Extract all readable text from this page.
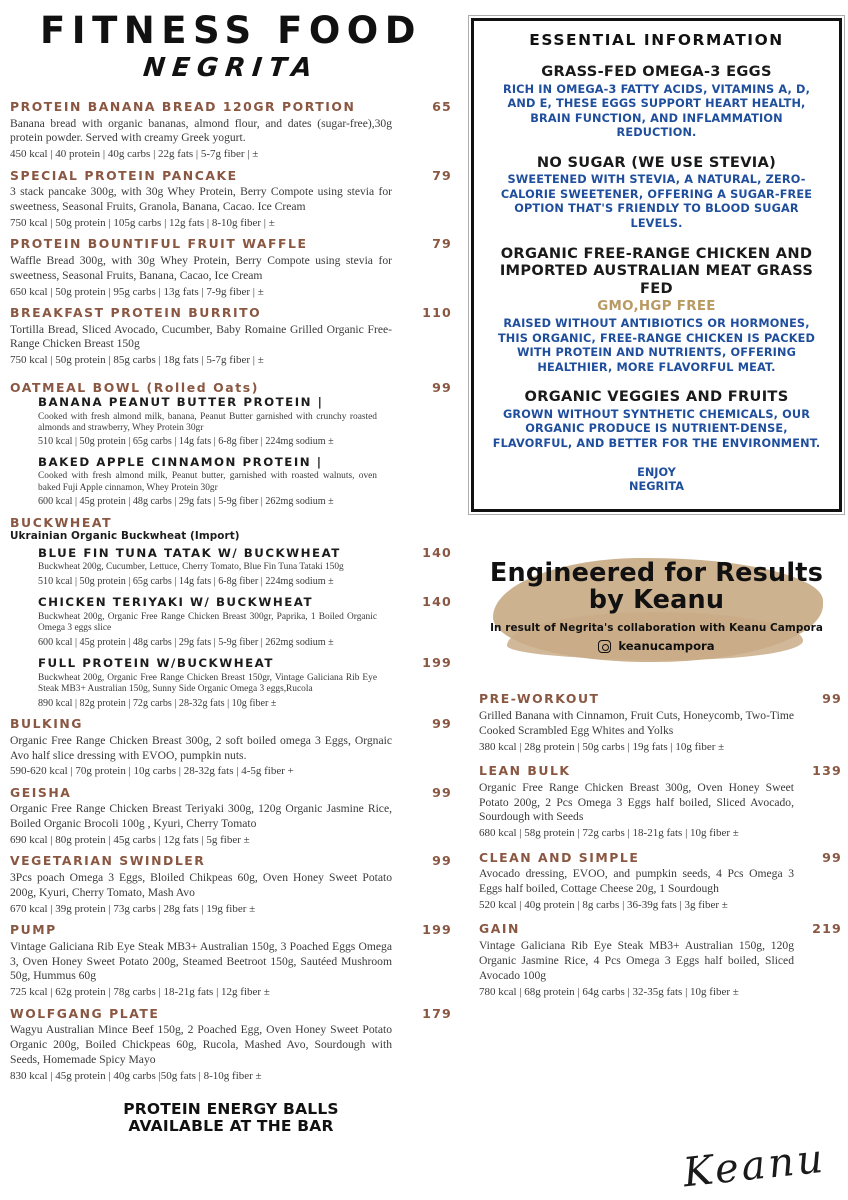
FITNESS FOOD
NEGRITA
PROTEIN BANANA BREAD 120GR PORTION	65
Banana bread with organic bananas, almond flour, and dates (sugar-free),30g protein powder. Served with creamy Greek yogurt.
450 kcal | 40 protein | 40g carbs | 22g fats | 5-7g fiber | ±
SPECIAL PROTEIN PANCAKE	79
3 stack pancake 300g, with 30g Whey Protein, Berry Compote using stevia for sweetness, Seasonal Fruits, Granola, Banana, Cacao. Ice Cream
750 kcal | 50g protein | 105g carbs | 12g fats | 8-10g fiber | ±
PROTEIN BOUNTIFUL FRUIT WAFFLE	79
Waffle Bread 300g, with 30g Whey Protein, Berry Compote using stevia for sweetness, Seasonal Fruits, Banana, Cacao, Ice Cream
650 kcal | 50g protein | 95g carbs | 13g fats | 7-9g fiber | ±
BREAKFAST PROTEIN BURRITO	110
Tortilla Bread, Sliced Avocado, Cucumber, Baby Romaine Grilled Organic Free-Range Chicken Breast 150g
750 kcal | 50g protein | 85g carbs | 18g fats | 5-7g fiber | ±
OATMEAL BOWL (Rolled Oats)	99
BANANA PEANUT BUTTER PROTEIN |
Cooked with fresh almond milk, banana, Peanut Butter garnished with crunchy roasted almonds and strawberry, Whey Protein 30gr
510 kcal | 50g protein | 65g carbs | 14g fats | 6-8g fiber | 224mg sodium ±
BAKED APPLE CINNAMON PROTEIN |
Cooked with fresh almond milk, Peanut butter, garnished with roasted walnuts, oven baked Fuji Apple cinnamon, Whey Protein 30gr
600 kcal | 45g protein | 48g carbs | 29g fats | 5-9g fiber | 262mg sodium ±
BUCKWHEAT
Ukrainian Organic Buckwheat (Import)
BLUE FIN TUNA TATAK W/ BUCKWHEAT	140
Buckwheat 200g, Cucumber, Lettuce, Cherry Tomato, Blue Fin Tuna Tataki 150g
510 kcal | 50g protein | 65g carbs | 14g fats | 6-8g fiber | 224mg sodium ±
CHICKEN TERIYAKI W/ BUCKWHEAT	140
Buckwheat 200g, Organic Free Range Chicken Breast 300gr, Paprika, 1 Boiled Organic Omega 3 eggs slice
600 kcal | 45g protein | 48g carbs | 29g fats | 5-9g fiber | 262mg sodium ±
FULL PROTEIN W/BUCKWHEAT	199
Buckwheat 200g, Organic Free Range Chicken Breast 150gr, Vintage Galiciana Rib Eye Steak MB3+ Australian 150g, Sunny Side Organic Omega 3 eggs,Rucola
890 kcal | 82g protein | 72g carbs | 28-32g fats | 10g fiber ±
BULKING	99
Organic Free Range Chicken Breast 300g, 2 soft boiled omega 3 Eggs, Orgnaic Avo half slice dressing with EVOO, pumpkin nuts.
590-620 kcal | 70g protein | 10g carbs | 28-32g fats | 4-5g fiber +
GEISHA	99
Organic Free Range Chicken Breast Teriyaki 300g, 120g Organic Jasmine Rice, Boiled Organic Brocoli 100g , Kyuri, Cherry Tomato
690 kcal | 80g protein | 45g carbs | 12g fats | 5g fiber ±
VEGETARIAN SWINDLER	99
3Pcs poach Omega 3 Eggs, Bloiled Chikpeas 60g, Oven Honey Sweet Potato 200g, Kyuri, Cherry Tomato, Mash Avo
670 kcal | 39g protein | 73g carbs | 28g fats | 19g fiber ±
PUMP	199
Vintage Galiciana Rib Eye Steak MB3+ Australian 150g, 3 Poached Eggs Omega 3, Oven Honey Sweet Potato 200g, Steamed Beetroot 150g, Sautéed Mushroom 50g, Hummus 60g
725 kcal | 62g protein | 78g carbs | 18-21g fats | 12g fiber ±
WOLFGANG PLATE	179
Wagyu Australian Mince Beef 150g, 2 Poached Egg, Oven Honey Sweet Potato Organic 200g, Boiled Chickpeas 60g, Rucola, Mashed Avo, Sourdough with Seeds, Homemade Spicy Mayo
830 kcal | 45g protein | 40g carbs |50g fats | 8-10g fiber ±
PROTEIN ENERGY BALLS
AVAILABLE AT THE BAR
ESSENTIAL INFORMATION
GRASS-FED OMEGA-3 EGGS
RICH IN OMEGA-3 FATTY ACIDS, VITAMINS A, D, AND E, THESE EGGS SUPPORT HEART HEALTH, BRAIN FUNCTION, AND INFLAMMATION REDUCTION.
NO SUGAR (WE USE STEVIA)
SWEETENED WITH STEVIA, A NATURAL, ZERO-CALORIE SWEETENER, OFFERING A SUGAR-FREE OPTION THAT'S FRIENDLY TO BLOOD SUGAR LEVELS.
ORGANIC FREE-RANGE CHICKEN AND IMPORTED AUSTRALIAN MEAT GRASS FED
GMO,HGP FREE
RAISED WITHOUT ANTIBIOTICS OR HORMONES, THIS ORGANIC, FREE-RANGE CHICKEN IS PACKED WITH PROTEIN AND NUTRIENTS, OFFERING HEALTHIER, MORE FLAVORFUL MEAT.
ORGANIC VEGGIES AND FRUITS
GROWN WITHOUT SYNTHETIC CHEMICALS, OUR ORGANIC PRODUCE IS NUTRIENT-DENSE, FLAVORFUL, AND BETTER FOR THE ENVIRONMENT.
ENJOY
NEGRITA
Engineered for Results
by Keanu
In result of Negrita's collaboration with Keanu Campora
keanucampora
PRE-WORKOUT	99
Grilled Banana with Cinnamon, Fruit Cuts, Honeycomb, Two-Time Cooked Scrambled Egg Whites and Yolks
380 kcal | 28g protein | 50g carbs | 19g fats | 10g fiber ±
LEAN BULK	139
Organic Free Range Chicken Breast 300g, Oven Honey Sweet Potato 200g, 2 Pcs Omega 3 Eggs half boiled, Sliced Avocado, Sourdough with Seeds
680 kcal | 58g protein | 72g carbs | 18-21g fats | 10g fiber ±
CLEAN AND SIMPLE	99
Avocado dressing, EVOO, and pumpkin seeds, 4 Pcs Omega 3 Eggs half boiled, Cottage Cheese 20g, 1 Sourdough
520 kcal | 40g protein | 8g carbs | 36-39g fats | 3g fiber ±
GAIN	219
Vintage Galiciana Rib Eye Steak MB3+ Australian 150g, 120g Organic Jasmine Rice, 4 Pcs Omega 3 Eggs half boiled, Sliced Avocado 100g
780 kcal | 68g protein | 64g carbs | 32-35g fats | 10g fiber ±
Keanu
